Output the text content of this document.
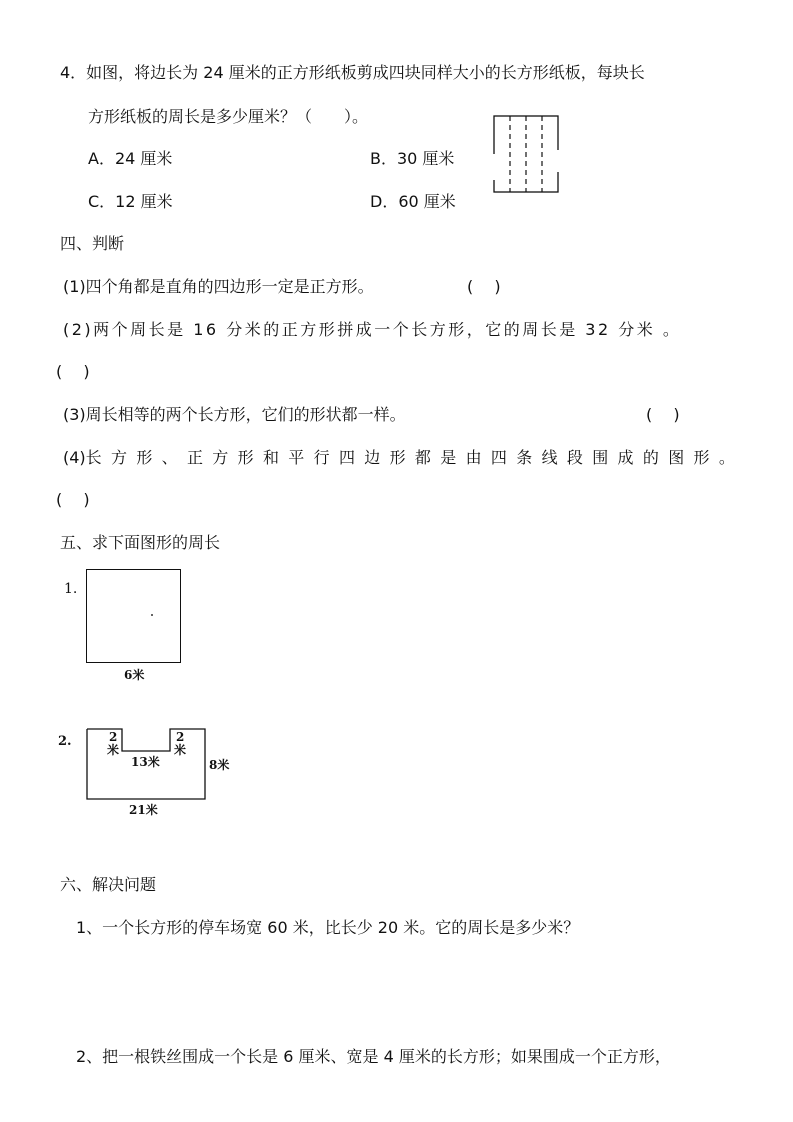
4．如图，将边长为 24 厘米的正方形纸板剪成四块同样大小的长方形纸板，每块长
方形纸板的周长是多少厘米？（　　）。
A．24 厘米	B．30 厘米
C．12 厘米	D．60 厘米
四、判断
(1)四个角都是直角的四边形一定是正方形。	(　 )
(2)两个周长是 16 分米的正方形拼成一个长方形，它的周长是 32 分米 。
(　 )
(3)周长相等的两个长方形，它们的形状都一样。	(　 )
(4)长 方 形 、 正 方 形 和 平 行 四 边 形 都 是 由 四 条 线 段 围 成 的 图 形 。
(　 )
五、求下面图形的周长
1.
6米
2.	2
米
2
米
13米	8米
21米
六、解决问题
1、一个长方形的停车场宽 60 米，比长少 20 米。它的周长是多少米？
2、把一根铁丝围成一个长是 6 厘米、宽是 4 厘米的长方形；如果围成一个正方形，
